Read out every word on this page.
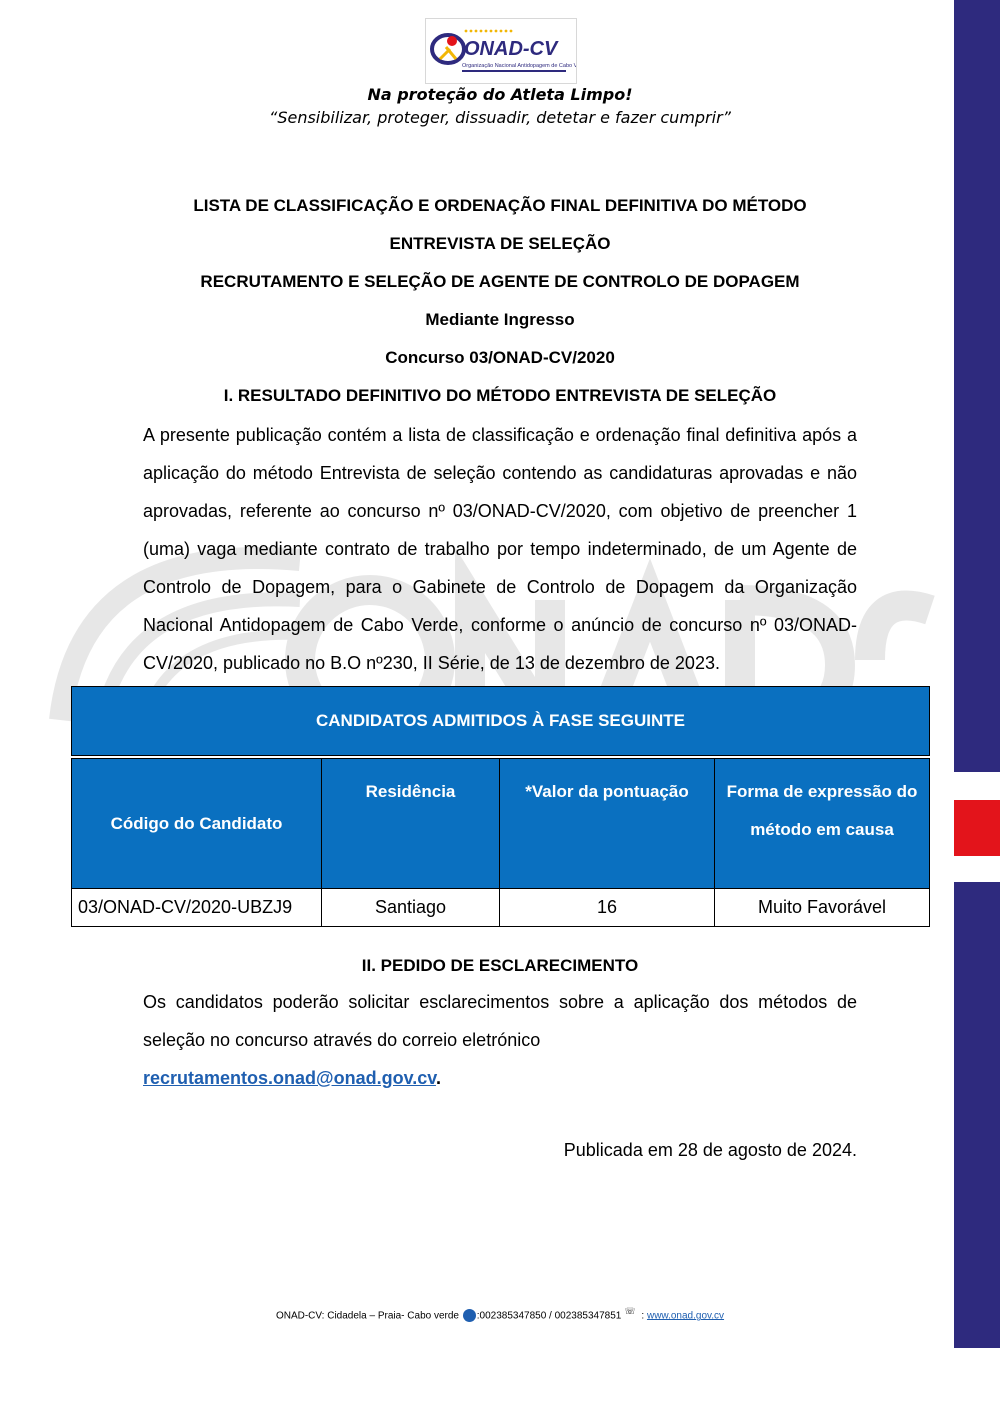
ONAD-CV
Organização Nacional Antidopagem de Cabo Verde
Na proteção do Atleta Limpo!
“Sensibilizar, proteger, dissuadir, detetar e fazer cumprir”
LISTA DE CLASSIFICAÇÃO E ORDENAÇÃO FINAL DEFINITIVA DO MÉTODO
ENTREVISTA DE SELEÇÃO
RECRUTAMENTO E SELEÇÃO DE AGENTE DE CONTROLO DE DOPAGEM
Mediante Ingresso
Concurso 03/ONAD-CV/2020
I. RESULTADO DEFINITIVO DO MÉTODO ENTREVISTA DE SELEÇÃO
A presente publicação contém a lista de classificação e ordenação final definitiva após a aplicação do método Entrevista de seleção contendo as candidaturas aprovadas e não aprovadas, referente ao concurso nº 03/ONAD-CV/2020, com objetivo de preencher 1 (uma) vaga mediante contrato de trabalho por tempo indeterminado, de um Agente de Controlo de Dopagem, para o Gabinete de Controlo de Dopagem da Organização Nacional Antidopagem de Cabo Verde, conforme o anúncio de concurso nº 03/ONAD-CV/2020, publicado no B.O nº230, II Série, de 13 de dezembro de 2023.
CANDIDATOS ADMITIDOS À FASE SEGUINTE			

Código do Candidato	Residência	*Valor da pontuação	Forma de expressão do método em causa
03/ONAD-CV/2020-UBZJ9	Santiago	16	Muito Favorável
II. PEDIDO DE ESCLARECIMENTO
Os candidatos poderão solicitar esclarecimentos sobre a aplicação dos métodos de seleção no concurso através do correio eletrónico
recrutamentos.onad@onad.gov.cv.
Publicada em 28 de agosto de 2024.
ONAD-CV: Cidadela – Praia- Cabo verde :002385347850 / 002385347851 ☏ : www.onad.gov.cv
